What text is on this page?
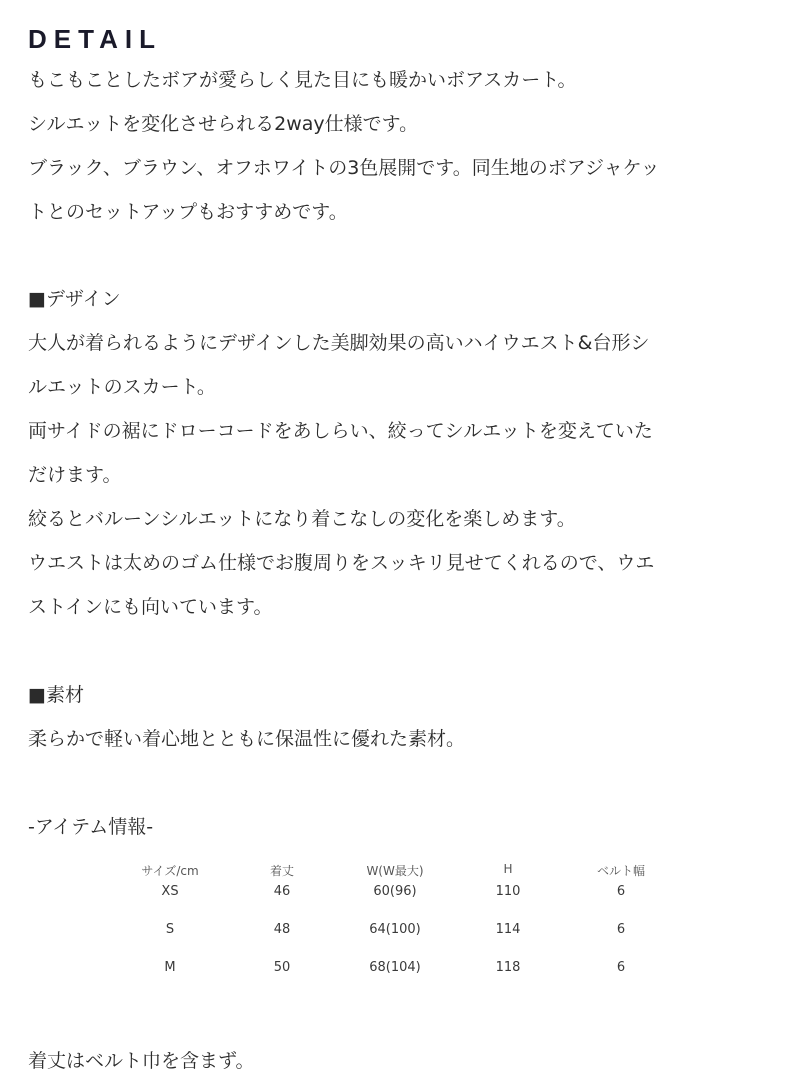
DETAIL
もこもことしたボアが愛らしく見た目にも暖かいボアスカート。
シルエットを変化させられる2way仕様です。
ブラック、ブラウン、オフホワイトの3色展開です。同生地のボアジャケッ
トとのセットアップもおすすめです。
■デザイン
大人が着られるようにデザインした美脚効果の高いハイウエスト&台形シ
ルエットのスカート。
両サイドの裾にドローコードをあしらい、絞ってシルエットを変えていた
だけます。
絞るとバルーンシルエットになり着こなしの変化を楽しめます。
ウエストは太めのゴム仕様でお腹周りをスッキリ見せてくれるので、ウエ
ストインにも向いています。
■素材
柔らかで軽い着心地とともに保温性に優れた素材。
-アイテム情報-
サイズ/cm	着丈	W(W最大)	H	ベルト幅
XS	46	60(96)	110	6
S	48	64(100)	114	6
M	50	68(104)	118	6
着丈はベルト巾を含まず。
